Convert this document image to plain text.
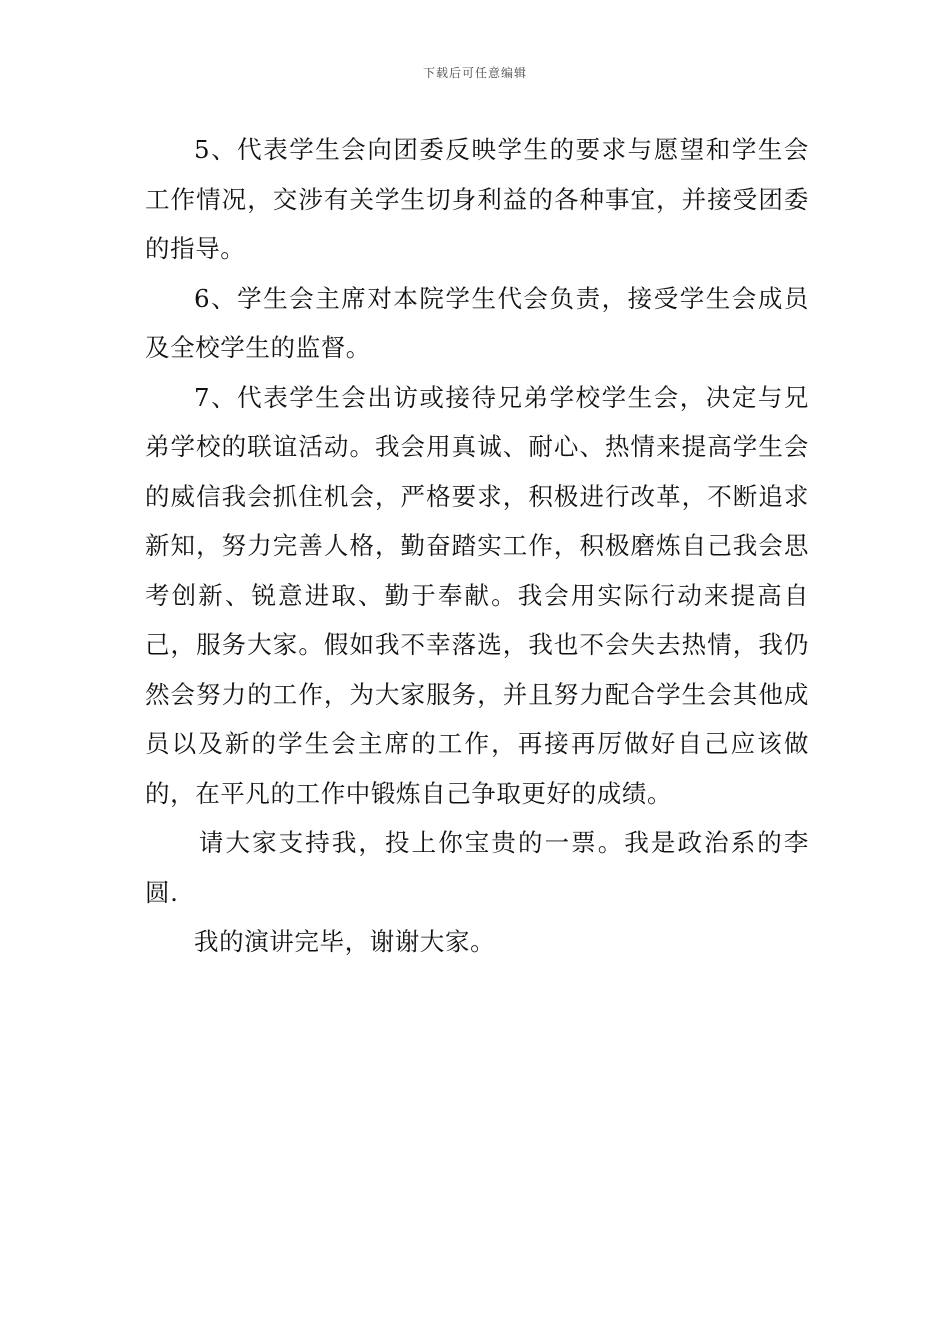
下载后可任意编辑

5、代表学生会向团委反映学生的要求与愿望和学生会工作情况，交涉有关学生切身利益的各种事宜，并接受团委的指导。

6、学生会主席对本院学生代会负责，接受学生会成员及全校学生的监督。

7、代表学生会出访或接待兄弟学校学生会，决定与兄弟学校的联谊活动。我会用真诚、耐心、热情来提高学生会的威信我会抓住机会，严格要求，积极进行改革，不断追求新知，努力完善人格，勤奋踏实工作，积极磨炼自己我会思考创新、锐意进取、勤于奉献。我会用实际行动来提高自己，服务大家。假如我不幸落选，我也不会失去热情，我仍然会努力的工作，为大家服务，并且努力配合学生会其他成员以及新的学生会主席的工作，再接再厉做好自己应该做的，在平凡的工作中锻炼自己争取更好的成绩。

请大家支持我，投上你宝贵的一票。我是政治系的李圆.

我的演讲完毕，谢谢大家。
